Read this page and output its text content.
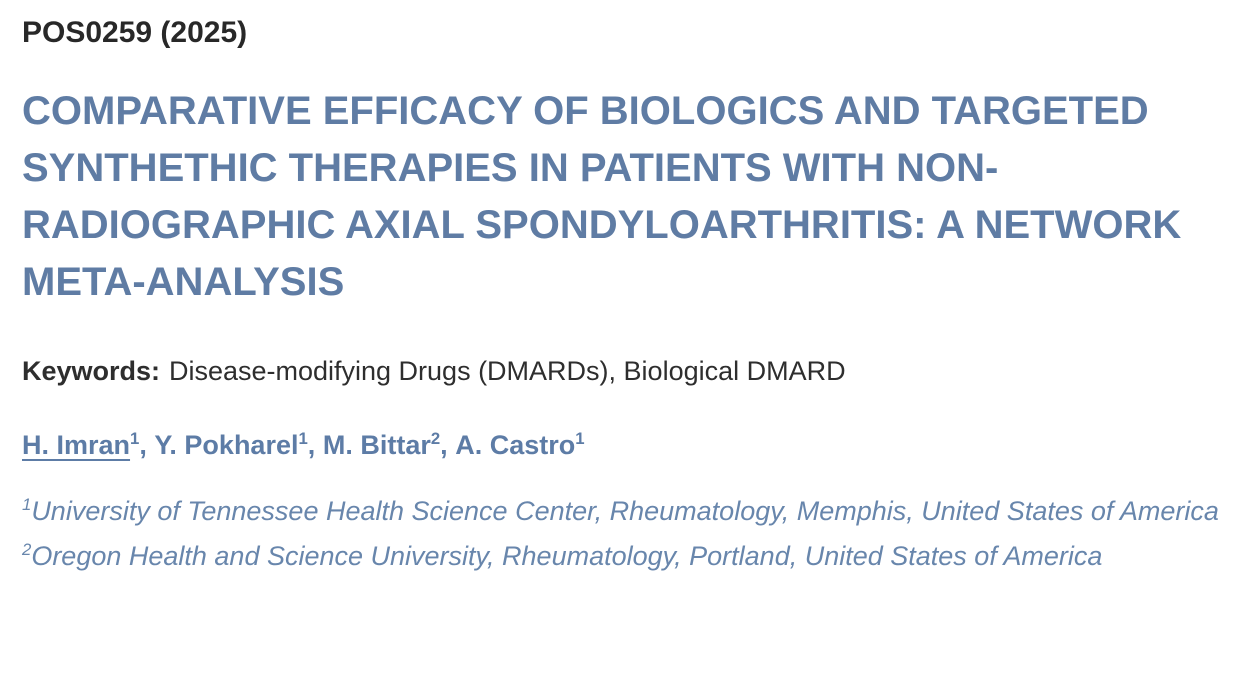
POS0259 (2025)
COMPARATIVE EFFICACY OF BIOLOGICS AND TARGETED SYNTHETHIC THERAPIES IN PATIENTS WITH NON-RADIOGRAPHIC AXIAL SPONDYLOARTHRITIS: A NETWORK META-ANALYSIS

Keywords: Disease-modifying Drugs (DMARDs), Biological DMARD

H. Imran$^1$, Y. Pokharel$^1$, M. Bittar$^2$, A. Castro$^1$

$^1$University of Tennessee Health Science Center, Rheumatology, Memphis, United States of America

$^2$Oregon Health and Science University, Rheumatology, Portland, United States of America
